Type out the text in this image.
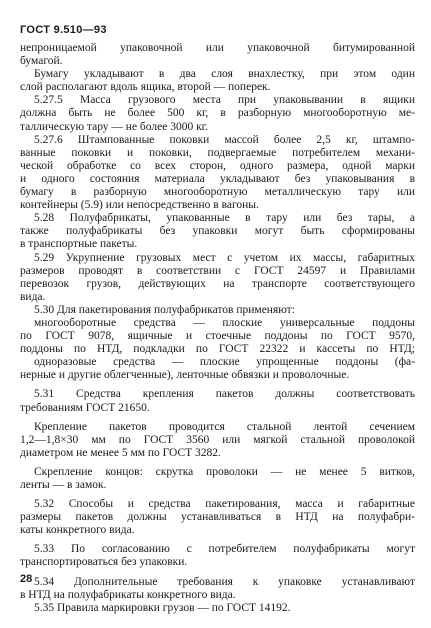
ГОСТ 9.510—93
непроницаемой упаковочной или упаковочной битумированной
бумагой.
Бумагу укладывают в два слоя внахлестку, при этом один
слой располагают вдоль ящика, второй — поперек.
5.27.5 Масса грузового места при упаковывании в ящики
должна быть не более 500 кг, в разборную многооборотную ме-
таллическую тару — не более 3000 кг.
5.27.6 Штампованные поковки массой более 2,5 кг, штампо-
ванные поковки и поковки, подвергаемые потребителем механи-
ческой обработке со всех сторон, одного размера, одной марки
и одного состояния материала укладывают без упаковывания в
бумагу в разборную многооборотную металлическую тару или
контейнеры (5.9) или непосредственно в вагоны.
5.28 Полуфабрикаты, упакованные в тару или без тары, а
также полуфабрикаты без упаковки могут быть сформированы
в транспортные пакеты.
5.29 Укрупнение грузовых мест с учетом их массы, габаритных
размеров проводят в соответствии с ГОСТ 24597 и Правилами
перевозок грузов, действующих на транспорте соответствующего
вида.
5.30 Для пакетирования полуфабрикатов применяют:
многооборотные средства — плоские универсальные поддоны
по ГОСТ 9078, ящичные и стоечные поддоны по ГОСТ 9570,
поддоны по НТД, подкладки по ГОСТ 22322 и кассеты по НТД;
одноразовые средства — плоские упрощенные поддоны (фа-
нерные и другие облегченные), ленточные обвязки и проволочные.
5.31 Средства крепления пакетов должны соответствовать
требованиям ГОСТ 21650.
Крепление пакетов проводится стальной лентой сечением
1,2—1,8×30 мм по ГОСТ 3560 или мягкой стальной проволокой
диаметром не менее 5 мм по ГОСТ 3282.
Скрепление концов: скрутка проволоки — не менее 5 витков,
ленты — в замок.
5.32 Способы и средства пакетирования, масса и габаритные
размеры пакетов должны устанавливаться в НТД на полуфабри-
каты конкретного вида.
5.33 По согласованию с потребителем полуфабрикаты могут
транспортироваться без упаковки.
5.34 Дополнительные требования к упаковке устанавливают
в НТД на полуфабрикаты конкретного вида.
5.35 Правила маркировки грузов — по ГОСТ 14192.
28
